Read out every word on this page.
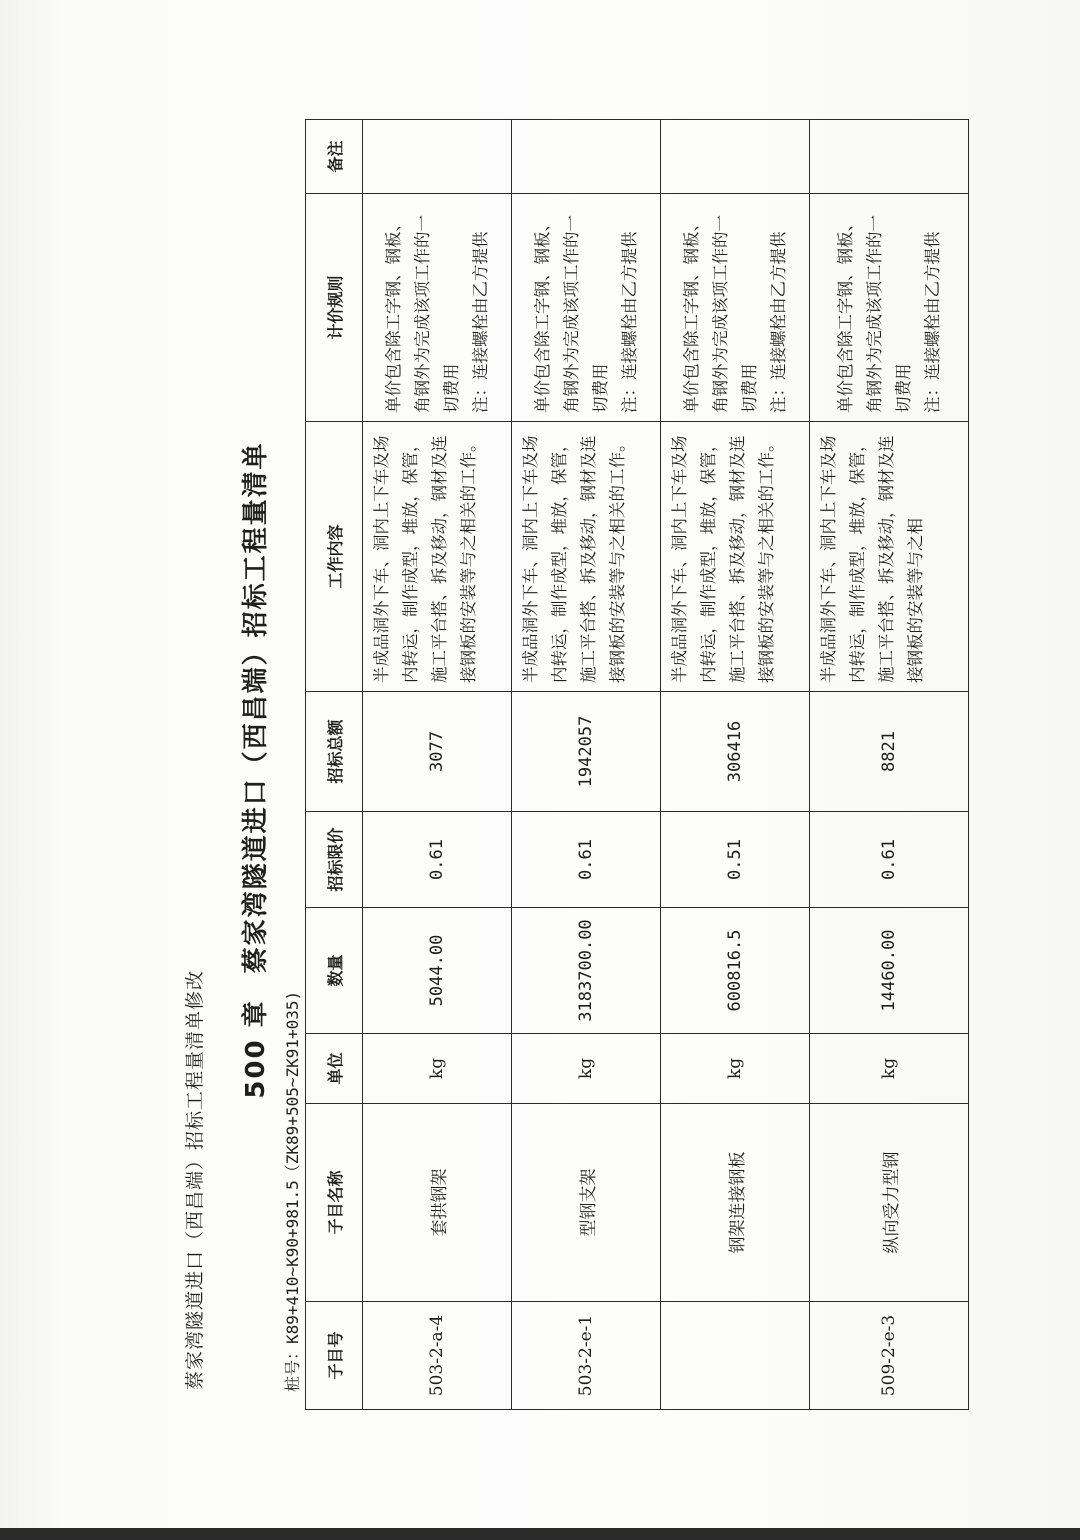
蔡家湾隧道进口（西昌端）招标工程量清单修改 500 章蔡家湾隧道进口（西昌端）招标工程量清单
桩号：K89+410~K90+981.5（ZK89+505~ZK91+035)
子目号	子目名称	单位	数量	招标限价	招标总额	工作内容	计价规则	备注
503-2-a-4	套拱钢架	kg	5044.00	0.61	3077	半成品洞外下车、洞内上下车及场内转运，制作成型，堆放，保管，施工平台搭、拆及移动，钢材及连接钢板的安装等与之相关的工作。	单价包含除工字钢、钢板、角钢外为完成该项工作的一切费用 注：连接螺栓由乙方提供	

503-2-e-1	型钢支架	kg	3183700.00	0.61	1942057	半成品洞外下车、洞内上下车及场内转运，制作成型，堆放，保管，施工平台搭、拆及移动，钢材及连接钢板的安装等与之相关的工作。	单价包含除工字钢、钢板、角钢外为完成该项工作的一切费用 注：连接螺栓由乙方提供	

	钢架连接钢板	kg	600816.5	0.51	306416	半成品洞外下车、洞内上下车及场内转运，制作成型，堆放，保管，施工平台搭、拆及移动，钢材及连接钢板的安装等与之相关的工作。	单价包含除工字钢、钢板、角钢外为完成该项工作的一切费用 注：连接螺栓由乙方提供	

509-2-e-3	纵向受力型钢	kg	14460.00	0.61	8821	半成品洞外下车、洞内上下车及场内转运，制作成型，堆放，保管，施工平台搭、拆及移动，钢材及连接钢板的安装等与之相	单价包含除工字钢、钢板、角钢外为完成该项工作的一切费用 注：连接螺栓由乙方提供	
